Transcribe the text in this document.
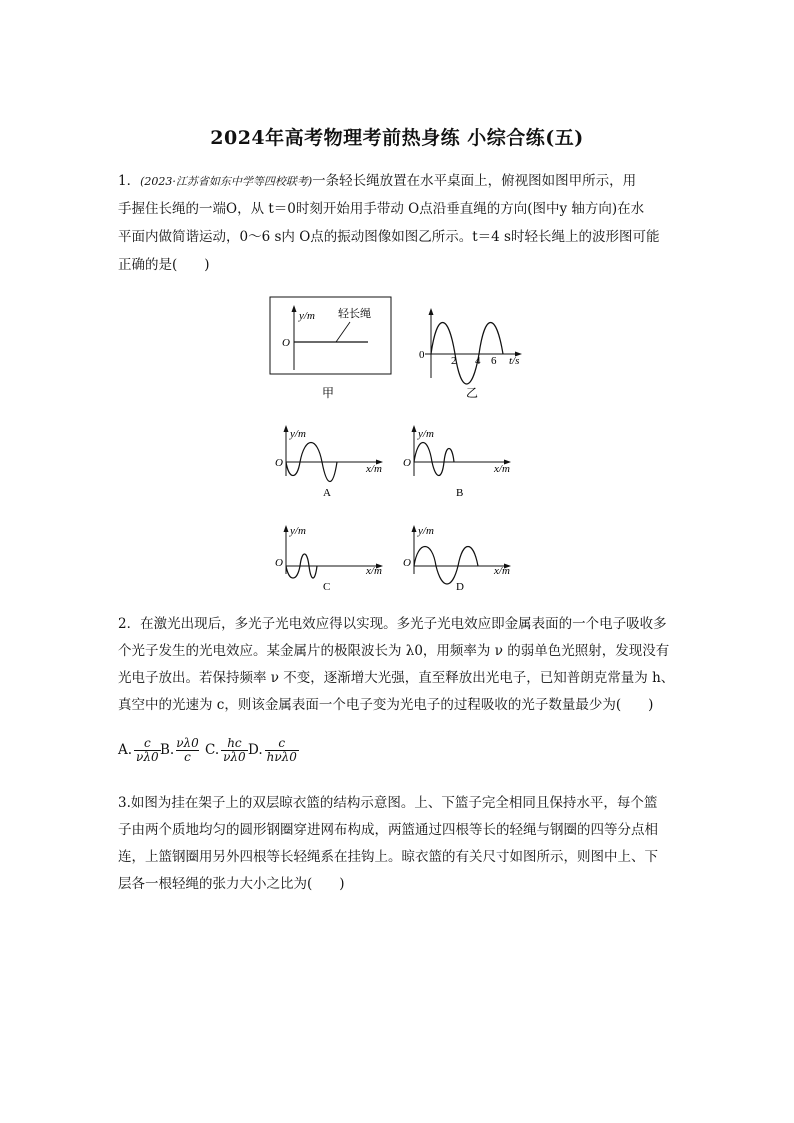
2024年高考物理考前热身练 小综合练(五)
1．(2023·江苏省如东中学等四校联考)一条轻长绳放置在水平桌面上，俯视图如图甲所示，用
手握住长绳的一端O，从 t＝0时刻开始用手带动 O点沿垂直绳的方向(图中y 轴方向)在水
平面内做简谐运动，0～6 s内 O点的振动图像如图乙所示。t＝4 s时轻长绳上的波形图可能
正确的是(　　)
y/m
O
轻长绳
甲
0 2 4 6 t/s
乙
y/m
O	x/m
A
y/m
O	x/m
B
y/m
O
x/m
C
y/m
O
x/m
D
2．在激光出现后，多光子光电效应得以实现。多光子光电效应即金属表面的一个电子吸收多
个光子发生的光电效应。某金属片的极限波长为 λ0，用频率为 ν 的弱单色光照射，发现没有
光电子放出。若保持频率 ν 不变，逐渐增大光强，直至释放出光电子，已知普朗克常量为 h、
真空中的光速为 c，则该金属表面一个电子变为光电子的过程吸收的光子数量最少为(　　)
A. $\frac{c}{\nu\lambda 0} B$. $\frac{\nu\lambda 0}{c} C$. $\frac{hc}{\nu\lambda 0} D$. $\frac{c}{\text{hνλ0}}$
3.如图为挂在架子上的双层晾衣篮的结构示意图。上、下篮子完全相同且保持水平，每个篮
子由两个质地均匀的圆形钢圈穿进网布构成，两篮通过四根等长的轻绳与钢圈的四等分点相
连，上篮钢圈用另外四根等长轻绳系在挂钩上。晾衣篮的有关尺寸如图所示，则图中上、下
层各一根轻绳的张力大小之比为(　　)
